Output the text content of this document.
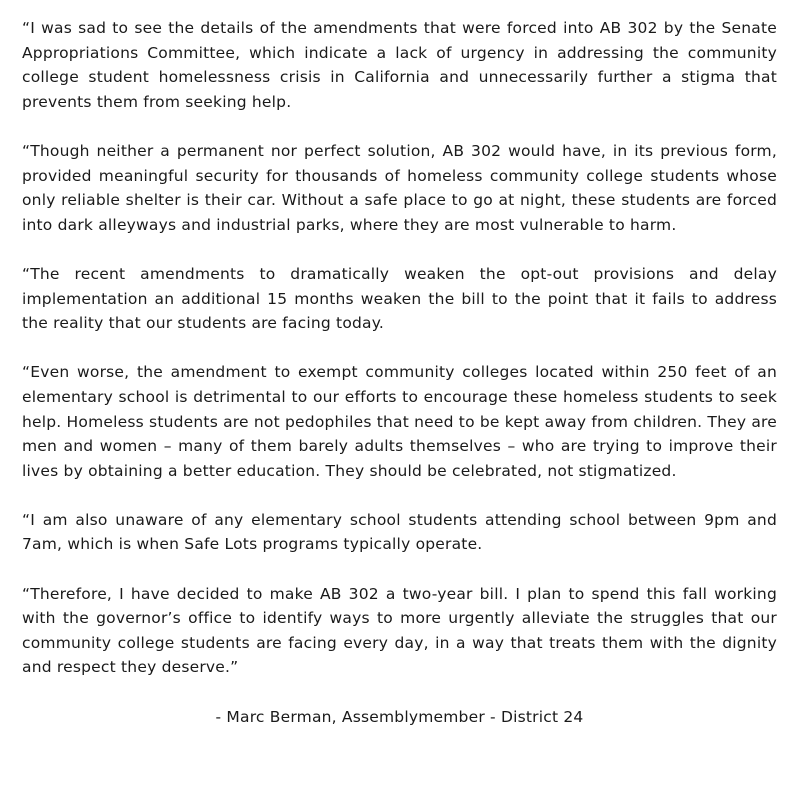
“I was sad to see the details of the amendments that were forced into AB 302 by the Senate Appropriations Committee, which indicate a lack of urgency in addressing the community college student homelessness crisis in California and unnecessarily further a stigma that prevents them from seeking help.

“Though neither a permanent nor perfect solution, AB 302 would have, in its previous form, provided meaningful security for thousands of homeless community college students whose only reliable shelter is their car. Without a safe place to go at night, these students are forced into dark alleyways and industrial parks, where they are most vulnerable to harm.

“The recent amendments to dramatically weaken the opt-out provisions and delay implementation an additional 15 months weaken the bill to the point that it fails to address the reality that our students are facing today.

“Even worse, the amendment to exempt community colleges located within 250 feet of an elementary school is detrimental to our efforts to encourage these homeless students to seek help. Homeless students are not pedophiles that need to be kept away from children. They are men and women – many of them barely adults themselves – who are trying to improve their lives by obtaining a better education. They should be celebrated, not stigmatized.

“I am also unaware of any elementary school students attending school between 9pm and 7am, which is when Safe Lots programs typically operate.

“Therefore, I have decided to make AB 302 a two-year bill. I plan to spend this fall working with the governor’s office to identify ways to more urgently alleviate the struggles that our community college students are facing every day, in a way that treats them with the dignity and respect they deserve.”

- Marc Berman, Assemblymember - District 24
